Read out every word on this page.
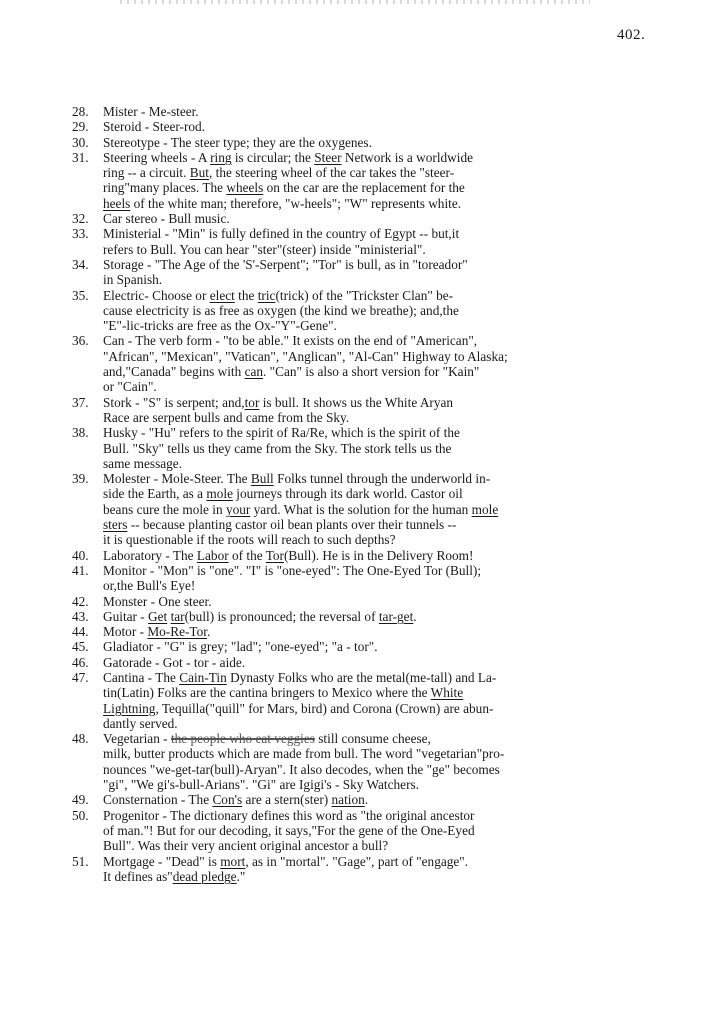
402.
28.	Mister - Me-steer.
29.	Steroid - Steer-rod.
30.	Stereotype - The steer type; they are the oxygenes.
31.	Steering wheels - A ring is circular; the Steer Network is a worldwide
ring -- a circuit. But, the steering wheel of the car takes the "steer-
ring"many places. The wheels on the car are the replacement for the
heels of the white man; therefore, "w-heels"; "W" represents white.
32.	Car stereo - Bull music.
33.	Ministerial - "Min" is fully defined in the country of Egypt -- but,it
refers to Bull. You can hear "ster"(steer) inside "ministerial".
34.	Storage - "The Age of the 'S'-Serpent"; "Tor" is bull, as in "toreador"
in Spanish.
35.	Electric- Choose or elect the tric(trick) of the "Trickster Clan" be-
cause electricity is as free as oxygen (the kind we breathe); and,the
"E"-lic-tricks are free as the Ox-"Y"-Gene".
36.	Can - The verb form - "to be able." It exists on the end of "American",
"African", "Mexican", "Vatican", "Anglican", "Al-Can" Highway to Alaska;
and,"Canada" begins with can. "Can" is also a short version for "Kain"
or "Cain".
37.	Stork - "S" is serpent; and,tor is bull. It shows us the White Aryan
Race are serpent bulls and came from the Sky.
38.	Husky - "Hu" refers to the spirit of Ra/Re, which is the spirit of the
Bull. "Sky" tells us they came from the Sky. The stork tells us the
same message.
39.	Molester - Mole-Steer. The Bull Folks tunnel through the underworld in-
side the Earth, as a mole journeys through its dark world. Castor oil
beans cure the mole in your yard. What is the solution for the human mole
sters -- because planting castor oil bean plants over their tunnels --
it is questionable if the roots will reach to such depths?
40.	Laboratory - The Labor of the Tor(Bull). He is in the Delivery Room!
41.	Monitor - "Mon" is "one". "I" is "one-eyed": The One-Eyed Tor (Bull);
or,the Bull's Eye!
42.	Monster - One steer.
43.	Guitar - Get tar(bull) is pronounced; the reversal of tar-get.
44.	Motor - Mo-Re-Tor.
45.	Gladiator - "G" is grey; "lad"; "one-eyed"; "a - tor".
46.	Gatorade - Got - tor - aide.
47.	Cantina - The Cain-Tin Dynasty Folks who are the metal(me-tall) and La-
tin(Latin) Folks are the cantina bringers to Mexico where the White
Lightning, Tequilla("quill" for Mars, bird) and Corona (Crown) are abun-
dantly served.
48.	Vegetarian - the people who eat veggies still consume cheese,
milk, butter products which are made from bull. The word "vegetarian"pro-
nounces "we-get-tar(bull)-Aryan". It also decodes, when the "ge" becomes
"gi", "We gi's-bull-Arians". "Gi" are Igigi's - Sky Watchers.
49.	Consternation - The Con's are a stern(ster) nation.
50.	Progenitor - The dictionary defines this word as "the original ancestor
of man."! But for our decoding, it says,"For the gene of the One-Eyed
Bull". Was their very ancient original ancestor a bull?
51.	Mortgage - "Dead" is mort, as in "mortal". "Gage", part of "engage".
It defines as"dead pledge."
